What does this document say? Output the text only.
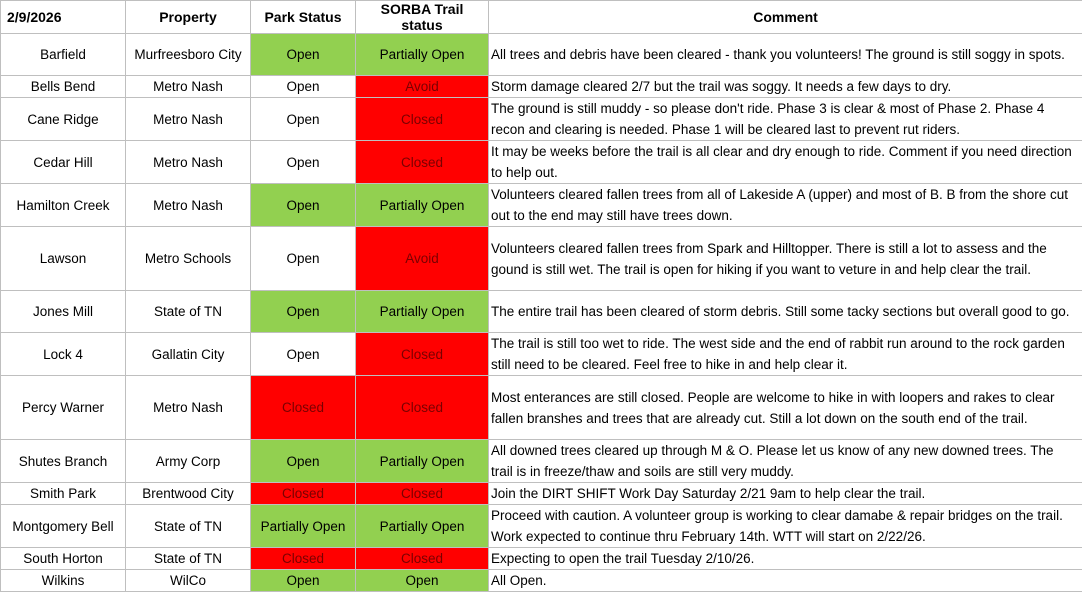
2/9/2026	Property	Park Status	SORBA Trail status	Comment
Barfield	Murfreesboro City	Open	Partially Open	All trees and debris have been cleared - thank you volunteers! The ground is still soggy in spots.
Bells Bend	Metro Nash	Open	Avoid	Storm damage cleared 2/7 but the trail was soggy. It needs a few days to dry.
Cane Ridge	Metro Nash	Open	Closed	The ground is still muddy - so please don't ride. Phase 3 is clear & most of Phase 2. Phase 4 recon and clearing is needed. Phase 1 will be cleared last to prevent rut riders.
Cedar Hill	Metro Nash	Open	Closed	It may be weeks before the trail is all clear and dry enough to ride. Comment if you need direction to help out.
Hamilton Creek	Metro Nash	Open	Partially Open	Volunteers cleared fallen trees from all of Lakeside A (upper) and most of B. B from the shore cut out to the end may still have trees down.
Lawson	Metro Schools	Open	Avoid	Volunteers cleared fallen trees from Spark and Hilltopper. There is still a lot to assess and the gound is still wet. The trail is open for hiking if you want to veture in and help clear the trail.
Jones Mill	State of TN	Open	Partially Open	The entire trail has been cleared of storm debris. Still some tacky sections but overall good to go.
Lock 4	Gallatin City	Open	Closed	The trail is still too wet to ride. The west side and the end of rabbit run around to the rock garden still need to be cleared. Feel free to hike in and help clear it.
Percy Warner	Metro Nash	Closed	Closed	Most enterances are still closed. People are welcome to hike in with loopers and rakes to clear fallen branshes and trees that are already cut. Still a lot down on the south end of the trail.
Shutes Branch	Army Corp	Open	Partially Open	All downed trees cleared up through M & O. Please let us know of any new downed trees. The trail is in freeze/thaw and soils are still very muddy.
Smith Park	Brentwood City	Closed	Closed	Join the DIRT SHIFT Work Day Saturday 2/21 9am to help clear the trail.
Montgomery Bell	State of TN	Partially Open	Partially Open	Proceed with caution. A volunteer group is working to clear damabe & repair bridges on the trail. Work expected to continue thru February 14th. WTT will start on 2/22/26.
South Horton	State of TN	Closed	Closed	Expecting to open the trail Tuesday 2/10/26.
Wilkins	WilCo	Open	Open	All Open.
